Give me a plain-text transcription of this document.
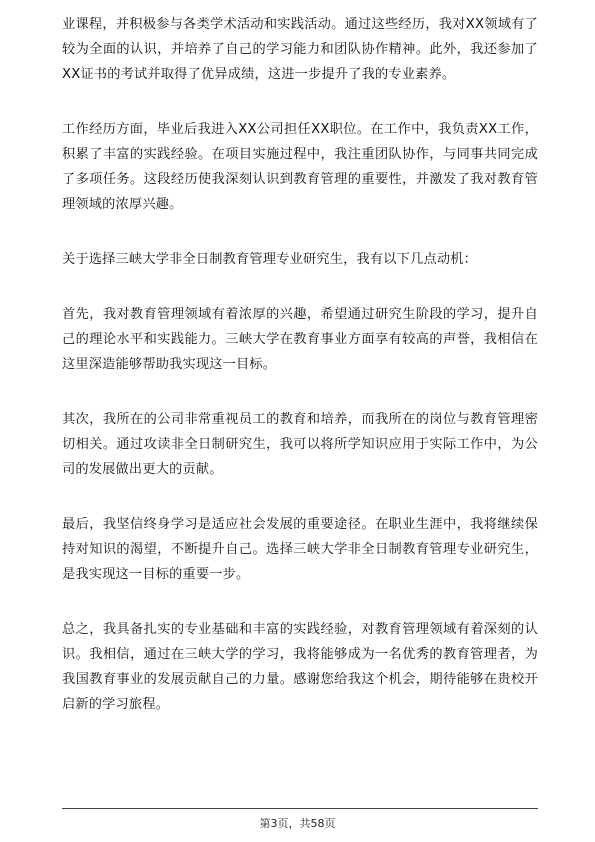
业课程，并积极参与各类学术活动和实践活动。通过这些经历，我对XX领域有了较为全面的认识，并培养了自己的学习能力和团队协作精神。此外，我还参加了XX证书的考试并取得了优异成绩，这进一步提升了我的专业素养。

工作经历方面，毕业后我进入XX公司担任XX职位。在工作中，我负责XX工作，积累了丰富的实践经验。在项目实施过程中，我注重团队协作，与同事共同完成了多项任务。这段经历使我深刻认识到教育管理的重要性，并激发了我对教育管理领域的浓厚兴趣。

关于选择三峡大学非全日制教育管理专业研究生，我有以下几点动机：

首先，我对教育管理领域有着浓厚的兴趣，希望通过研究生阶段的学习，提升自己的理论水平和实践能力。三峡大学在教育事业方面享有较高的声誉，我相信在这里深造能够帮助我实现这一目标。

其次，我所在的公司非常重视员工的教育和培养，而我所在的岗位与教育管理密切相关。通过攻读非全日制研究生，我可以将所学知识应用于实际工作中，为公司的发展做出更大的贡献。

最后，我坚信终身学习是适应社会发展的重要途径。在职业生涯中，我将继续保持对知识的渴望，不断提升自己。选择三峡大学非全日制教育管理专业研究生，是我实现这一目标的重要一步。

总之，我具备扎实的专业基础和丰富的实践经验，对教育管理领域有着深刻的认识。我相信，通过在三峡大学的学习，我将能够成为一名优秀的教育管理者，为我国教育事业的发展贡献自己的力量。感谢您给我这个机会，期待能够在贵校开启新的学习旅程。

第3页，共58页
